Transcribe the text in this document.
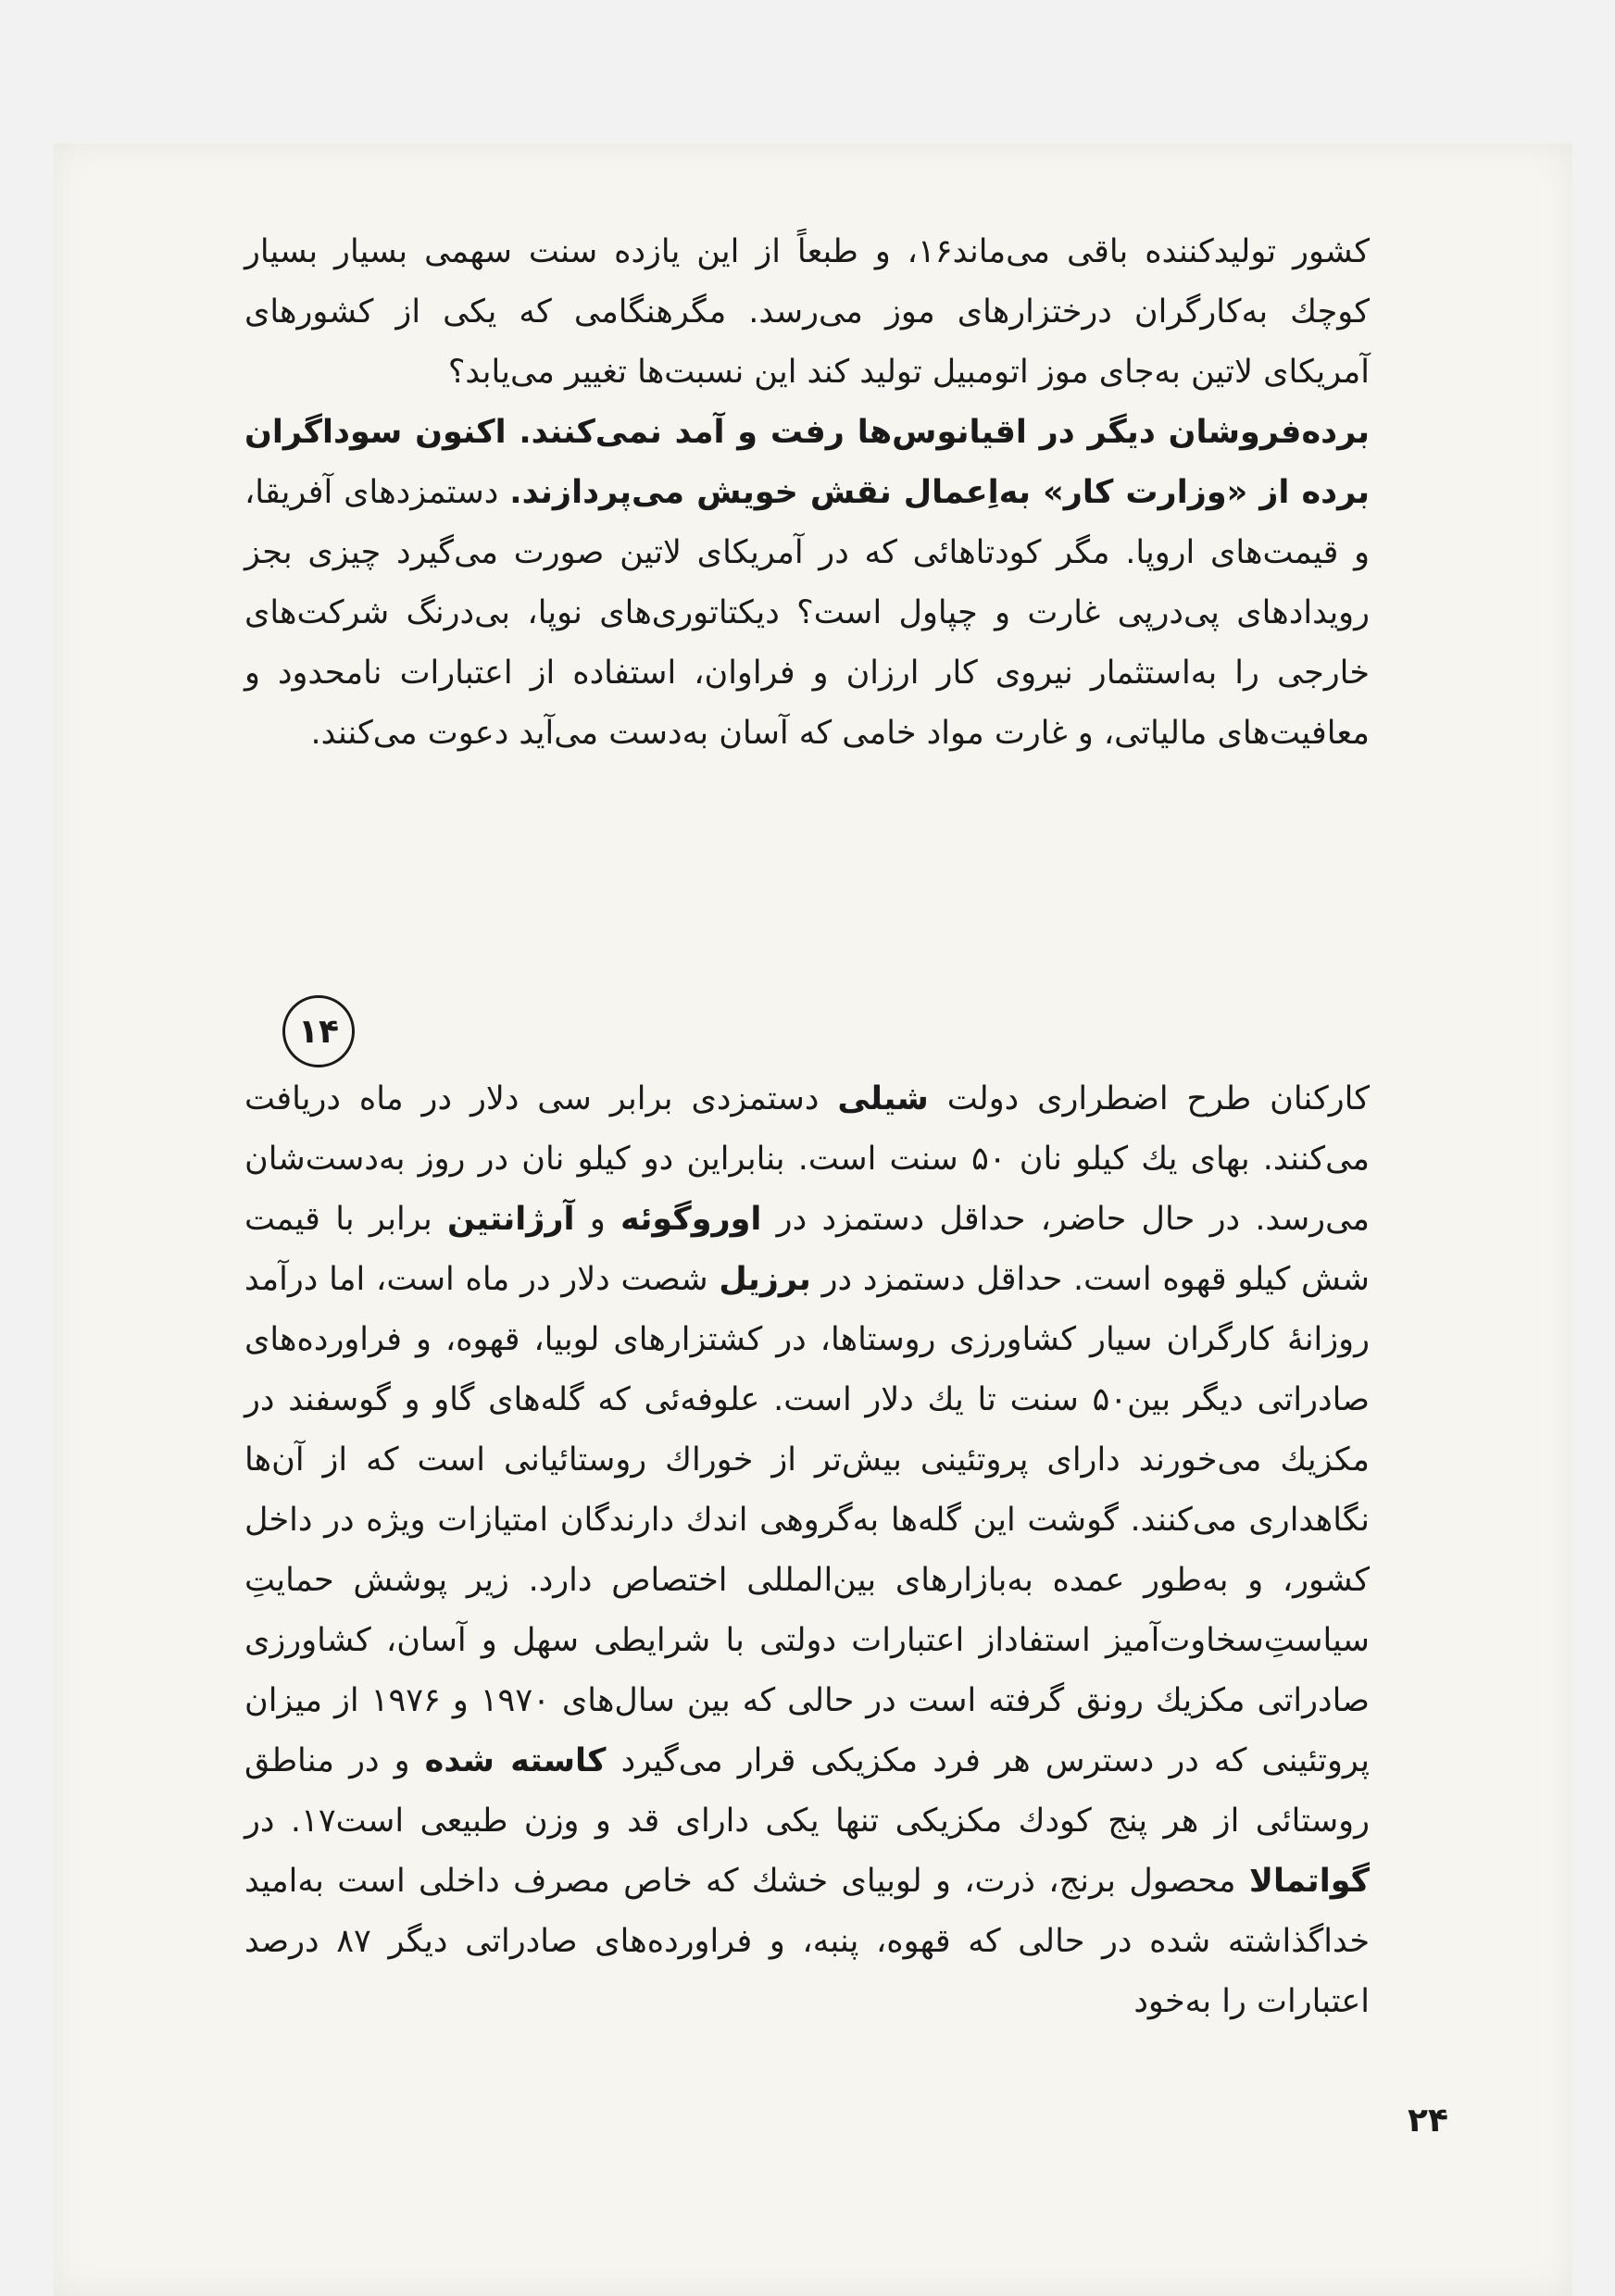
کشور تولیدکننده باقی می‌ماند۱۶، و طبعاً از این یازده سنت سهمی بسیار بسیار کوچك به‌کارگران درختزارهای موز می‌رسد. مگرهنگامی که یکی از کشورهای آمریکای لاتین به‌جای موز اتومبیل تولید کند این نسبت‌ها تغییر می‌یابد؟

برده‌فروشان دیگر در اقیانوس‌ها رفت و آمد نمی‌کنند. اکنون سوداگران برده از «وزارت کار» به‌اِعمال نقش خویش می‌پردازند. دستمزدهای آفریقا، و قیمت‌های اروپا. مگر کودتاهائی که در آمریکای لاتین صورت می‌گیرد چیزی بجز رویدادهای پی‌درپی غارت و چپاول است؟ دیکتاتوری‌های نوپا، بی‌درنگ شرکت‌های خارجی را به‌استثمار نیروی کار ارزان و فراوان، استفاده از اعتبارات نامحدود و معافیت‌های مالیاتی، و غارت مواد خامی که آسان به‌دست می‌آید دعوت می‌کنند.

۱۴

کارکنان طرح اضطراری دولت شیلی دستمزدی برابر سی دلار در ماه دریافت می‌کنند. بهای یك کیلو نان ۵۰ سنت است. بنابراین دو کیلو نان در روز به‌دست‌شان می‌رسد. در حال حاضر، حداقل دستمزد در اوروگوئه و آرژانتین برابر با قیمت شش کیلو قهوه است. حداقل دستمزد در برزیل شصت دلار در ماه است، اما درآمد روزانهٔ کارگران سیار کشاورزی روستاها، در کشتزارهای لوبیا، قهوه، و فراورده‌های صادراتی دیگر بین۵۰ سنت تا یك دلار است. علوفه‌ئی که گله‌های گاو و گوسفند در مکزیك می‌خورند دارای پروتئینی بیش‌تر از خوراك روستائیانی است که از آن‌ها نگاهداری می‌کنند. گوشت این گله‌ها به‌گروهی اندك دارندگان امتیازات ویژه در داخل کشور، و به‌طور عمده به‌بازارهای بین‌المللی اختصاص دارد. زیر پوشش حمایتِ سیاستِ‌سخاوت‌آمیز استفاداز اعتبارات دولتی با شرایطی سهل و آسان، کشاورزی صادراتی مکزیك رونق گرفته است در حالی که بین سال‌های ۱۹۷۰ و ۱۹۷۶ از میزان پروتئینی که در دسترس هر فرد مکزیکی قرار می‌گیرد کاسته شده و در مناطق روستائی از هر پنج کودك مکزیکی تنها یکی دارای قد و وزن طبیعی است۱۷. در گواتمالا محصول برنج، ذرت، و لوبیای خشك که خاص مصرف داخلی است به‌امید خداگذاشته شده در حالی که قهوه، پنبه، و فراورده‌های صادراتی دیگر ۸۷ درصد اعتبارات را به‌خود

۲۴
